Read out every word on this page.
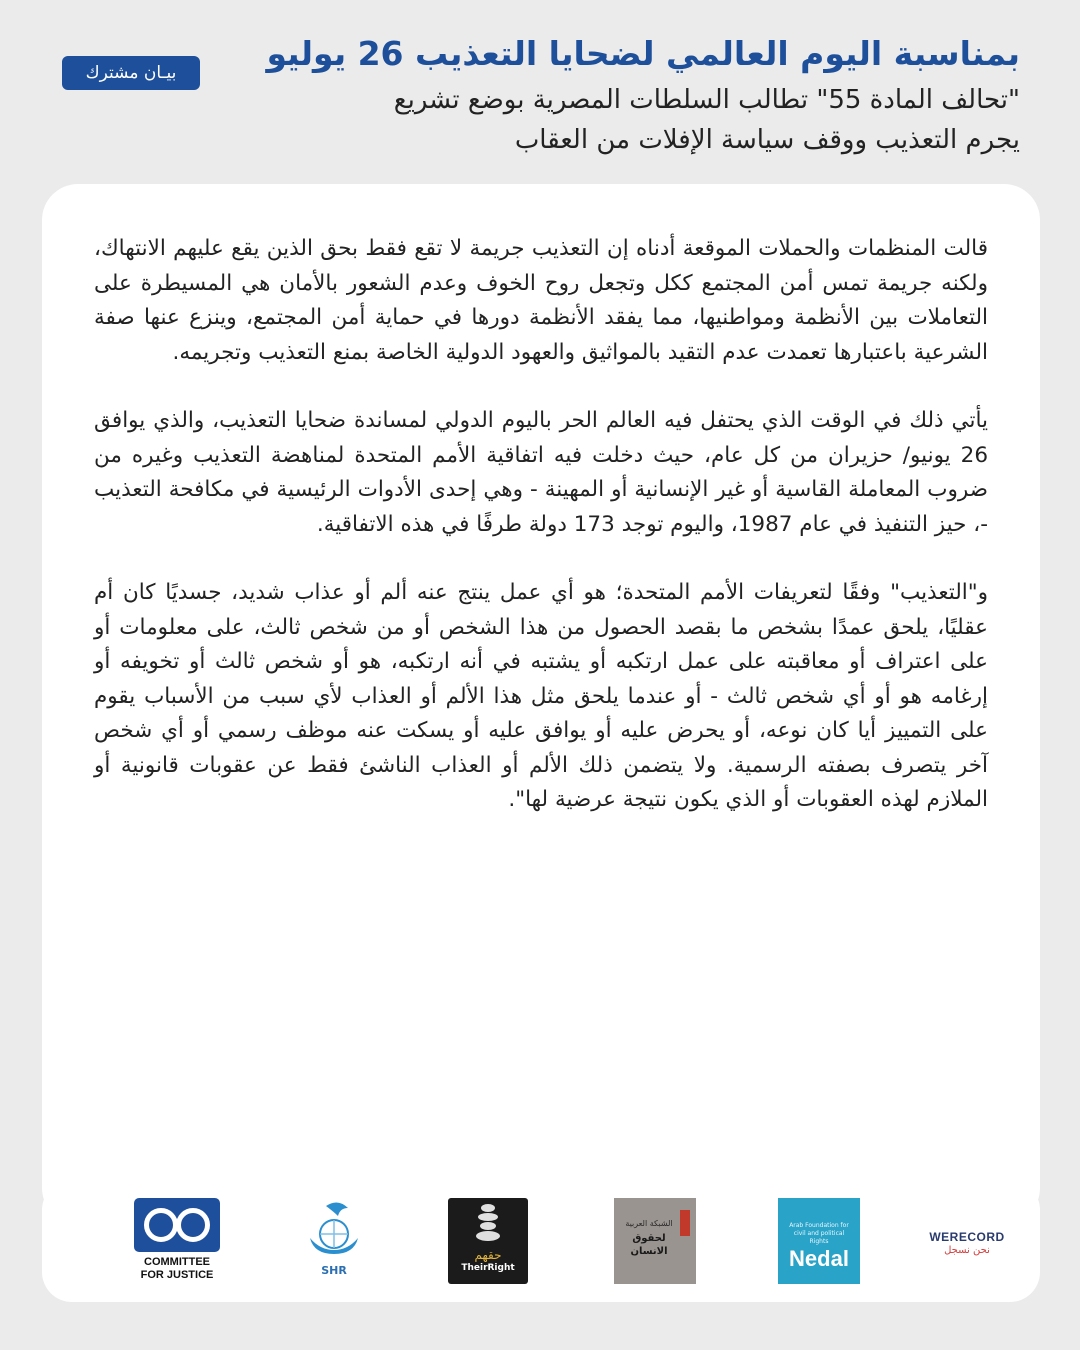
بيـان مشترك	بمناسبة اليوم العالمي لضحايا التعذيب 26 يوليو
"تحالف المادة 55" تطالب السلطات المصرية بوضع تشريع
يجرم التعذيب ووقف سياسة الإفلات من العقاب

قالت المنظمات والحملات الموقعة أدناه إن التعذيب جريمة لا تقع فقط بحق الذين يقع عليهم الانتهاك، ولكنه جريمة تمس أمن المجتمع ككل وتجعل روح الخوف وعدم الشعور بالأمان هي المسيطرة على التعاملات بين الأنظمة ومواطنيها، مما يفقد الأنظمة دورها في حماية أمن المجتمع، وينزع عنها صفة الشرعية باعتبارها تعمدت عدم التقيد بالمواثيق والعهود الدولية الخاصة بمنع التعذيب وتجريمه.

يأتي ذلك في الوقت الذي يحتفل فيه العالم الحر باليوم الدولي لمساندة ضحايا التعذيب، والذي يوافق 26 يونيو/ حزيران من كل عام، حيث دخلت فيه اتفاقية الأمم المتحدة لمناهضة التعذيب وغيره من ضروب المعاملة القاسية أو غير الإنسانية أو المهينة - وهي إحدى الأدوات الرئيسية في مكافحة التعذيب -، حيز التنفيذ في عام 1987، واليوم توجد 173 دولة طرفًا في هذه الاتفاقية.

و"التعذيب" وفقًا لتعريفات الأمم المتحدة؛ هو أي عمل ينتج عنه ألم أو عذاب شديد، جسديًا كان أم عقليًا، يلحق عمدًا بشخص ما بقصد الحصول من هذا الشخص أو من شخص ثالث، على معلومات أو على اعتراف أو معاقبته على عمل ارتكبه أو يشتبه في أنه ارتكبه، هو أو شخص ثالث أو تخويفه أو إرغامه هو أو أي شخص ثالث - أو عندما يلحق مثل هذا الألم أو العذاب لأي سبب من الأسباب يقوم على التمييز أيا كان نوعه، أو يحرض عليه أو يوافق عليه أو يسكت عنه موظف رسمي أو أي شخص آخر يتصرف بصفته الرسمية. ولا يتضمن ذلك الألم أو العذاب الناشئ فقط عن عقوبات قانونية أو الملازم لهذه العقوبات أو الذي يكون نتيجة عرضية لها".

COMMITTEE
FOR JUSTICE	SHR
حقهم
TheirRight
الشبكة العربية
لحقوق الانسان
Arab Foundation for civil and political Rights
Nedal
WERECORD
نحن نسجل
